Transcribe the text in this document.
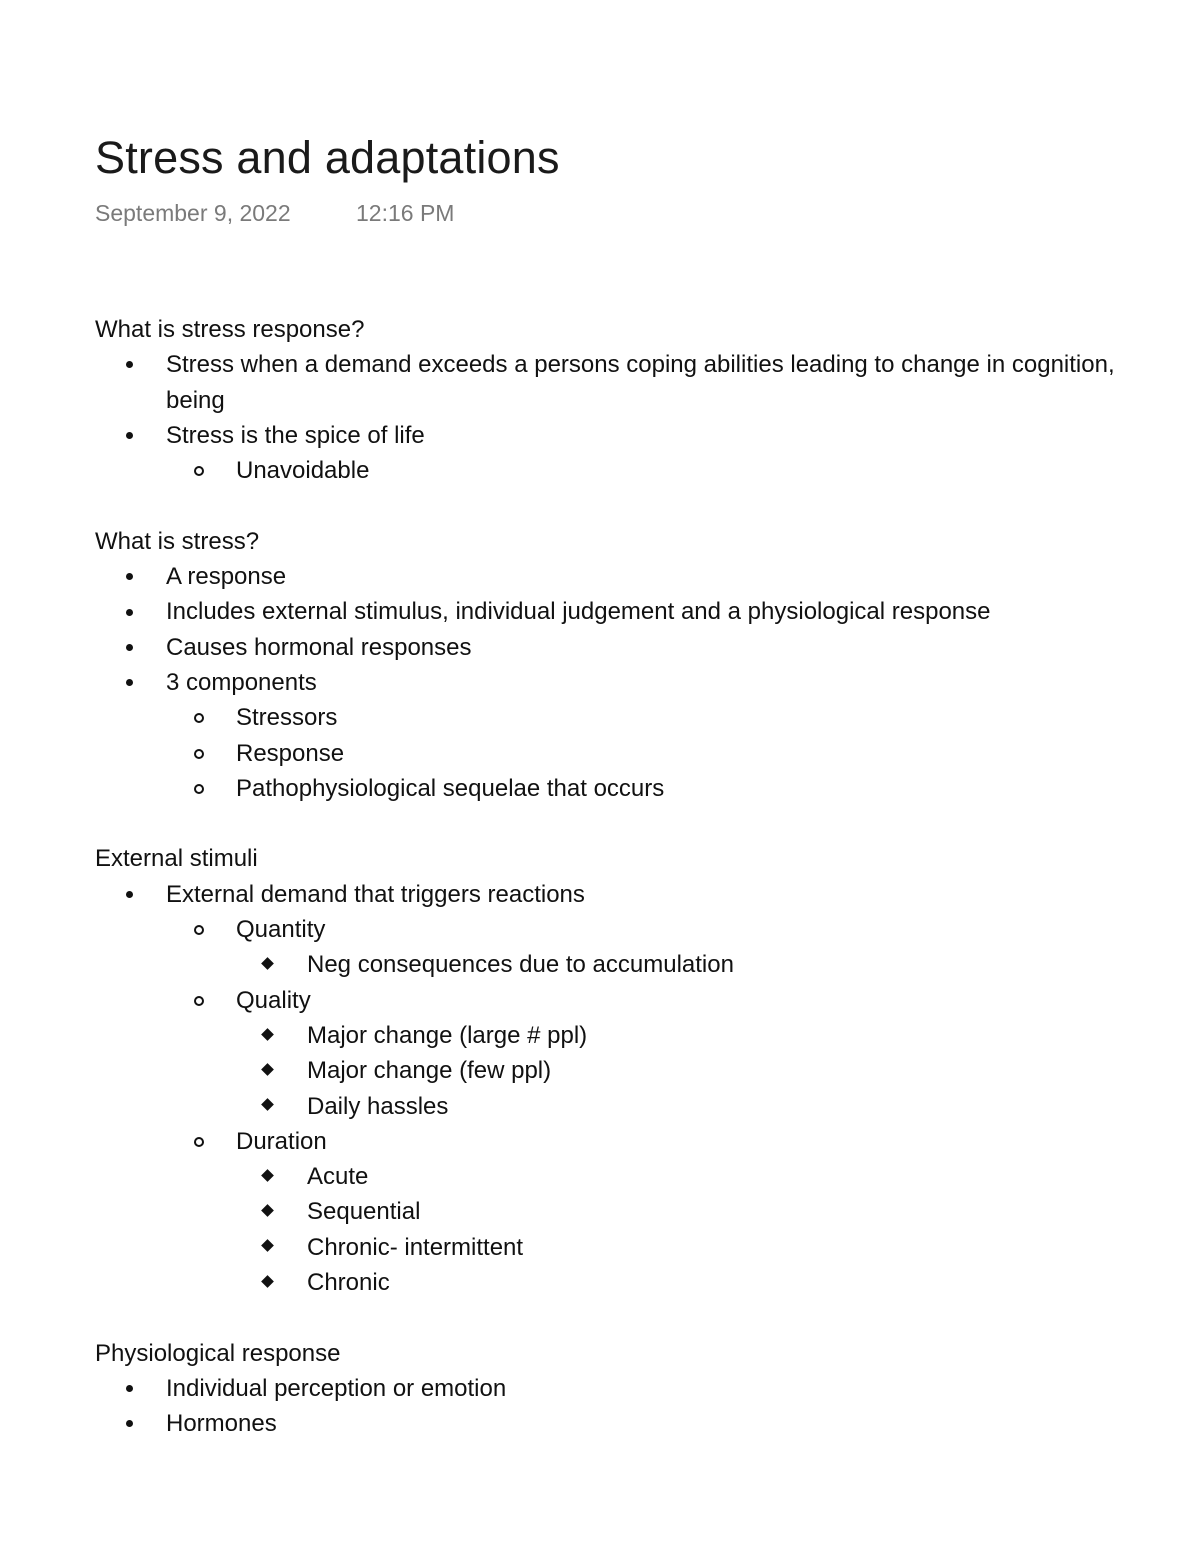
Stress and adaptations
September 9, 2022	12:16 PM
What is stress response?
Stress when a demand exceeds a persons coping abilities leading to change in cognition,
being
Stress is the spice of life
Unavoidable
What is stress?
A response
Includes external stimulus, individual judgement and a physiological response
Causes hormonal responses
3 components
Stressors
Response
Pathophysiological sequelae that occurs
External stimuli
External demand that triggers reactions
Quantity
Neg consequences due to accumulation
Quality
Major change (large # ppl)
Major change (few ppl)
Daily hassles
Duration
Acute
Sequential
Chronic- intermittent
Chronic
Physiological response
Individual perception or emotion
Hormones
